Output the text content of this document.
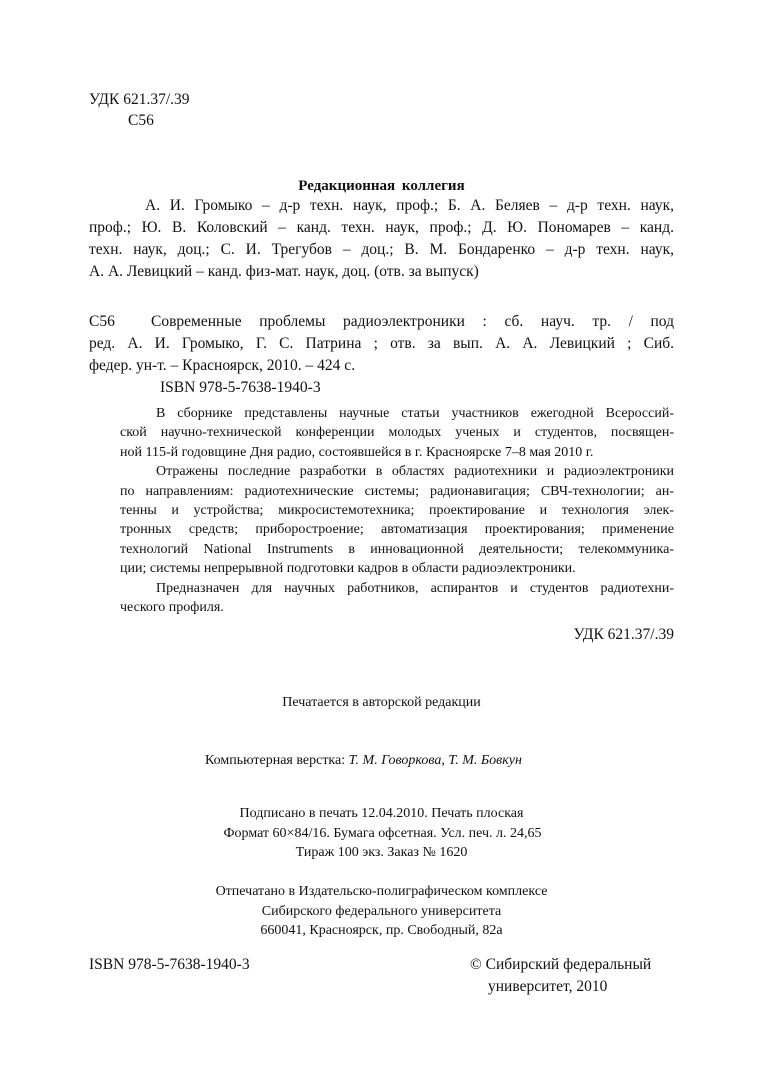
УДК 621.37/.39
С56
Редакционная коллегия
А. И. Громыко – д-р техн. наук, проф.; Б. А. Беляев – д-р техн. наук,
проф.; Ю. В. Коловский – канд. техн. наук, проф.; Д. Ю. Пономарев – канд.
техн. наук, доц.; С. И. Трегубов – доц.; В. М. Бондаренко – д-р техн. наук,
А. А. Левицкий – канд. физ-мат. наук, доц. (отв. за выпуск)
С56	Современные проблемы радиоэлектроники : сб. науч. тр. / под
ред. А. И. Громыко, Г. С. Патрина ; отв. за вып. А. А. Левицкий ; Сиб.
федер. ун-т. – Красноярск, 2010. – 424 с.
ISBN 978-5-7638-1940-3
В сборнике представлены научные статьи участников ежегодной Всероссий-
ской научно-технической конференции молодых ученых и студентов, посвящен-
ной 115-й годовщине Дня радио, состоявшейся в г. Красноярске 7–8 мая 2010 г.
Отражены последние разработки в областях радиотехники и радиоэлектроники
по направлениям: радиотехнические системы; радионавигация; СВЧ-технологии; ан-
тенны и устройства; микросистемотехника; проектирование и технология элек-
тронных средств; приборостроение; автоматизация проектирования; применение
технологий National Instruments в инновационной деятельности; телекоммуника-
ции; системы непрерывной подготовки кадров в области радиоэлектроники.
Предназначен для научных работников, аспирантов и студентов радиотехни-
ческого профиля.
УДК 621.37/.39
Печатается в авторской редакции
Компьютерная верстка: Т. М. Говоркова, Т. М. Бовкун
Подписано в печать 12.04.2010. Печать плоская
Формат 60×84/16. Бумага офсетная. Усл. печ. л. 24,65
Тираж 100 экз. Заказ № 1620
Отпечатано в Издательско-полиграфическом комплексе
Сибирского федерального университета
660041, Красноярск, пр. Свободный, 82а
ISBN 978-5-7638-1940-3	© Сибирский федеральный
университет, 2010
